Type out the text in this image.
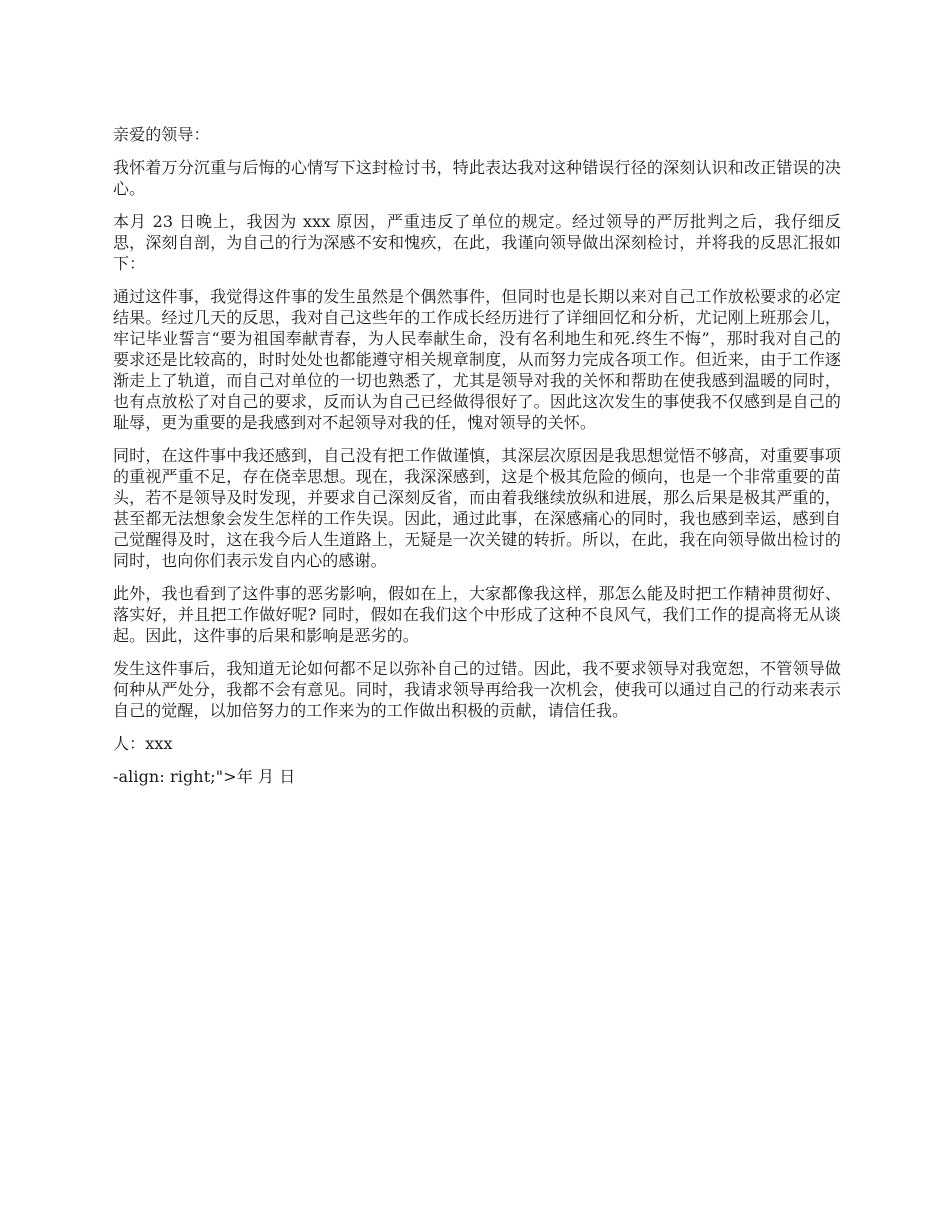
亲爱的领导：

我怀着万分沉重与后悔的心情写下这封检讨书，特此表达我对这种错误行径的深刻认识和改正错误的决心。

本月 23 日晚上，我因为 xxx 原因，严重违反了单位的规定。经过领导的严厉批判之后，我仔细反思，深刻自剖，为自己的行为深感不安和愧疚，在此，我谨向领导做出深刻检讨，并将我的反思汇报如下：

通过这件事，我觉得这件事的发生虽然是个偶然事件，但同时也是长期以来对自己工作放松要求的必定结果。经过几天的反思，我对自己这些年的工作成长经历进行了详细回忆和分析，尤记刚上班那会儿，牢记毕业誓言“要为祖国奉献青春，为人民奉献生命，没有名利地生和死.终生不悔”，那时我对自己的要求还是比较高的，时时处处也都能遵守相关规章制度，从而努力完成各项工作。但近来，由于工作逐渐走上了轨道，而自己对单位的一切也熟悉了，尤其是领导对我的关怀和帮助在使我感到温暖的同时，也有点放松了对自己的要求，反而认为自己已经做得很好了。因此这次发生的事使我不仅感到是自己的耻辱，更为重要的是我感到对不起领导对我的任，愧对领导的关怀。

同时，在这件事中我还感到，自己没有把工作做谨慎，其深层次原因是我思想觉悟不够高，对重要事项的重视严重不足，存在侥幸思想。现在，我深深感到，这是个极其危险的倾向，也是一个非常重要的苗头，若不是领导及时发现，并要求自己深刻反省，而由着我继续放纵和进展，那么后果是极其严重的，甚至都无法想象会发生怎样的工作失误。因此，通过此事，在深感痛心的同时，我也感到幸运，感到自己觉醒得及时，这在我今后人生道路上，无疑是一次关键的转折。所以，在此，我在向领导做出检讨的同时，也向你们表示发自内心的感谢。

此外，我也看到了这件事的恶劣影响，假如在上，大家都像我这样，那怎么能及时把工作精神贯彻好、落实好，并且把工作做好呢? 同时，假如在我们这个中形成了这种不良风气，我们工作的提高将无从谈起。因此，这件事的后果和影响是恶劣的。

发生这件事后，我知道无论如何都不足以弥补自己的过错。因此，我不要求领导对我宽恕，不管领导做何种从严处分，我都不会有意见。同时，我请求领导再给我一次机会，使我可以通过自己的行动来表示自己的觉醒，以加倍努力的工作来为的工作做出积极的贡献，请信任我。

人：xxx

-align: right;">年 月 日
